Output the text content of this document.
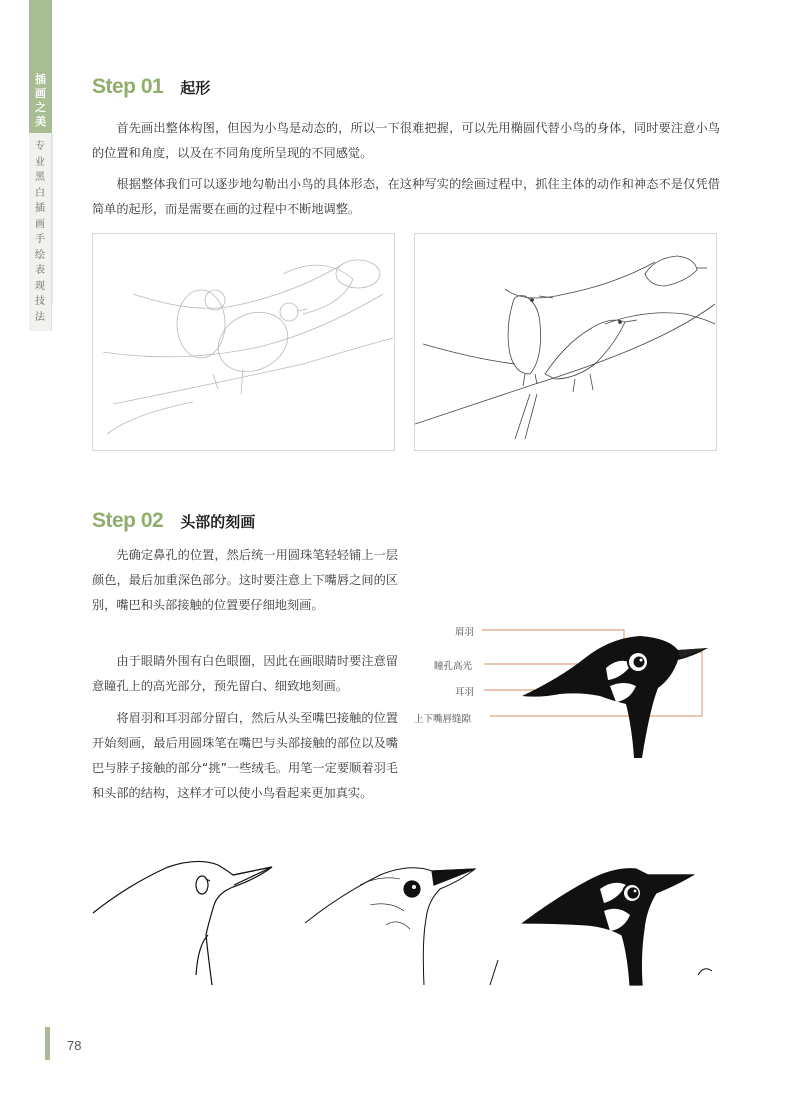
插
画
之
美
专
业
黑
白
插
画
手
绘
表
现
技
法
Step 01 起形

首先画出整体构图，但因为小鸟是动态的，所以一下很难把握，可以先用椭圆代替小鸟的身体，同时要注意小鸟的位置和角度，以及在不同角度所呈现的不同感觉。

根据整体我们可以逐步地勾勒出小鸟的具体形态，在这种写实的绘画过程中，抓住主体的动作和神态不是仅凭借简单的起形，而是需要在画的过程中不断地调整。

Step 02 头部的刻画

先确定鼻孔的位置，然后统一用圆珠笔轻轻铺上一层颜色，最后加重深色部分。这时要注意上下嘴唇之间的区别，嘴巴和头部接触的位置要仔细地刻画。

由于眼睛外围有白色眼圈，因此在画眼睛时要注意留意瞳孔上的高光部分，预先留白、细致地刻画。

将眉羽和耳羽部分留白，然后从头至嘴巴接触的位置开始刻画，最后用圆珠笔在嘴巴与头部接触的部位以及嘴巴与脖子接触的部分“挑”一些绒毛。用笔一定要顺着羽毛和头部的结构，这样才可以使小鸟看起来更加真实。

眉羽
瞳孔高光
耳羽
上下嘴唇缝隙
78
